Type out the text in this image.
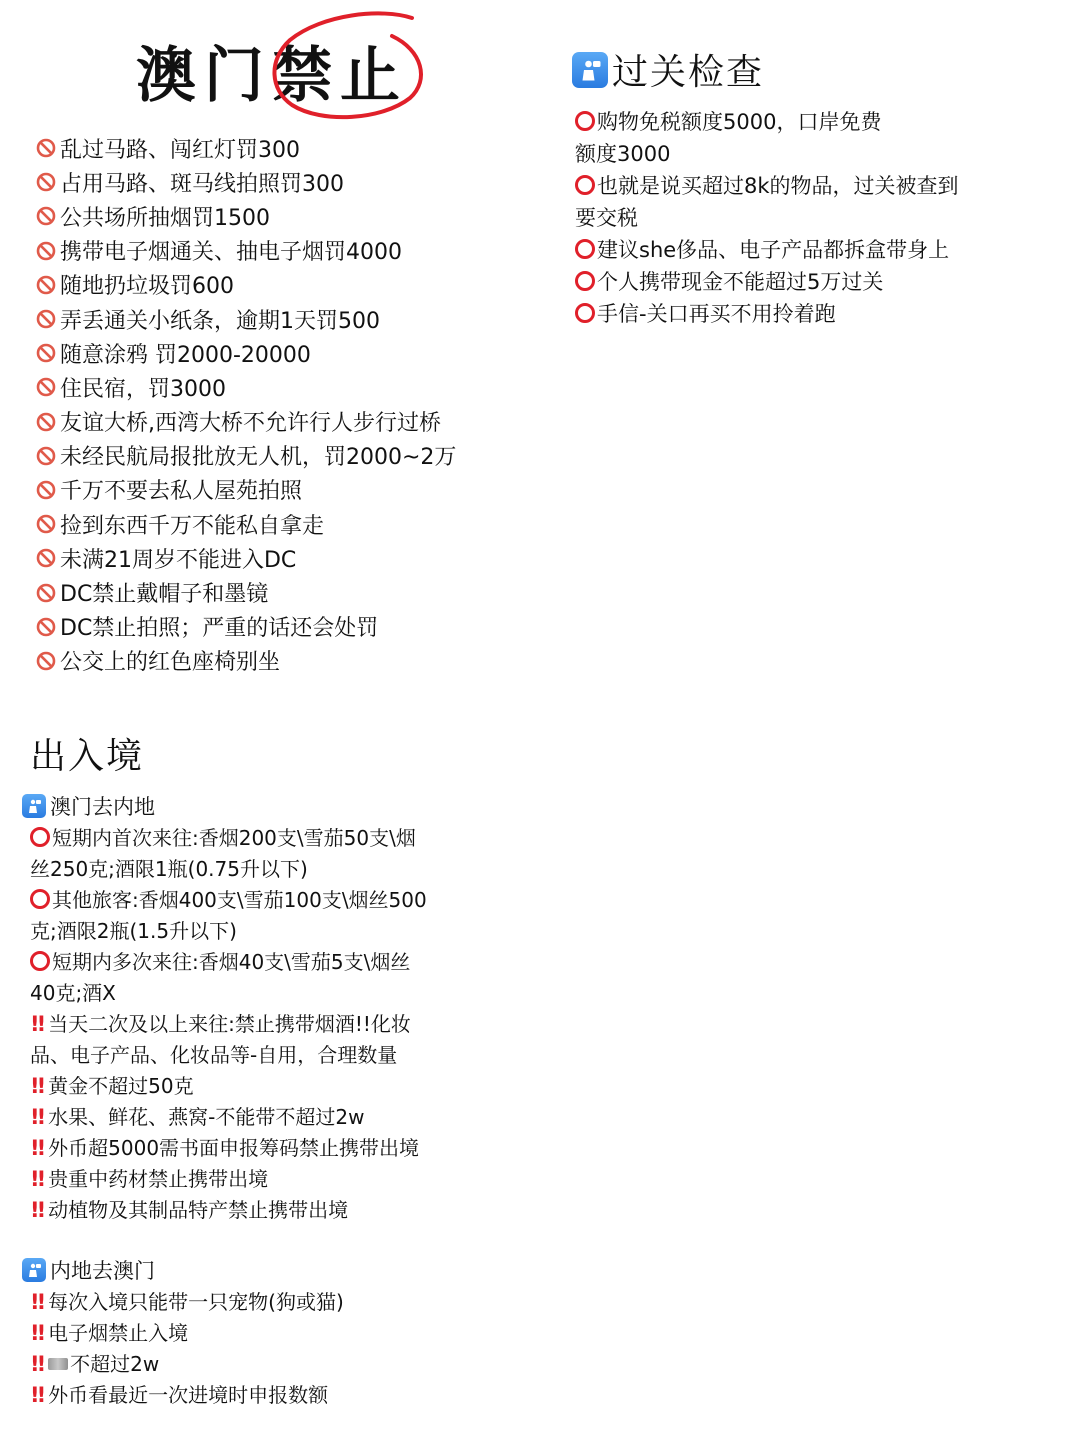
澳门禁止
乱过马路、闯红灯罚300
占用马路、斑马线拍照罚300
公共场所抽烟罚1500
携带电子烟通关、抽电子烟罚4000
随地扔垃圾罚600
弄丢通关小纸条，逾期1天罚500
随意涂鸦 罚2000-20000
住民宿，罚3000
友谊大桥,西湾大桥不允许行人步行过桥
未经民航局报批放无人机，罚2000~2万
千万不要去私人屋苑拍照
捡到东西千万不能私自拿走
未满21周岁不能进入DC
DC禁止戴帽子和墨镜
DC禁止拍照；严重的话还会处罚
公交上的红色座椅别坐
出入境
澳门去内地
短期内首次来往:香烟200支\雪茄50支\烟
丝250克;酒限1瓶(0.75升以下)
其他旅客:香烟400支\雪茄100支\烟丝500
克;酒限2瓶(1.5升以下)
短期内多次来往:香烟40支\雪茄5支\烟丝
40克;酒X
!! 当天二次及以上来往:禁止携带烟酒!!化妆
品、电子产品、化妆品等-自用，合理数量
!! 黄金不超过50克
!! 水果、鲜花、燕窝-不能带不超过2w
!! 外币超5000需书面申报筹码禁止携带出境
!! 贵重中药材禁止携带出境
!! 动植物及其制品特产禁止携带出境
内地去澳门
!! 每次入境只能带一只宠物(狗或猫)
!! 电子烟禁止入境
!! 不超过2w
!! 外币看最近一次进境时申报数额
过关检查
购物免税额度5000，口岸免费
额度3000
也就是说买超过8k的物品，过关被查到
要交税
建议she侈品、电子产品都拆盒带身上
个人携带现金不能超过5万过关
手信-关口再买不用拎着跑
